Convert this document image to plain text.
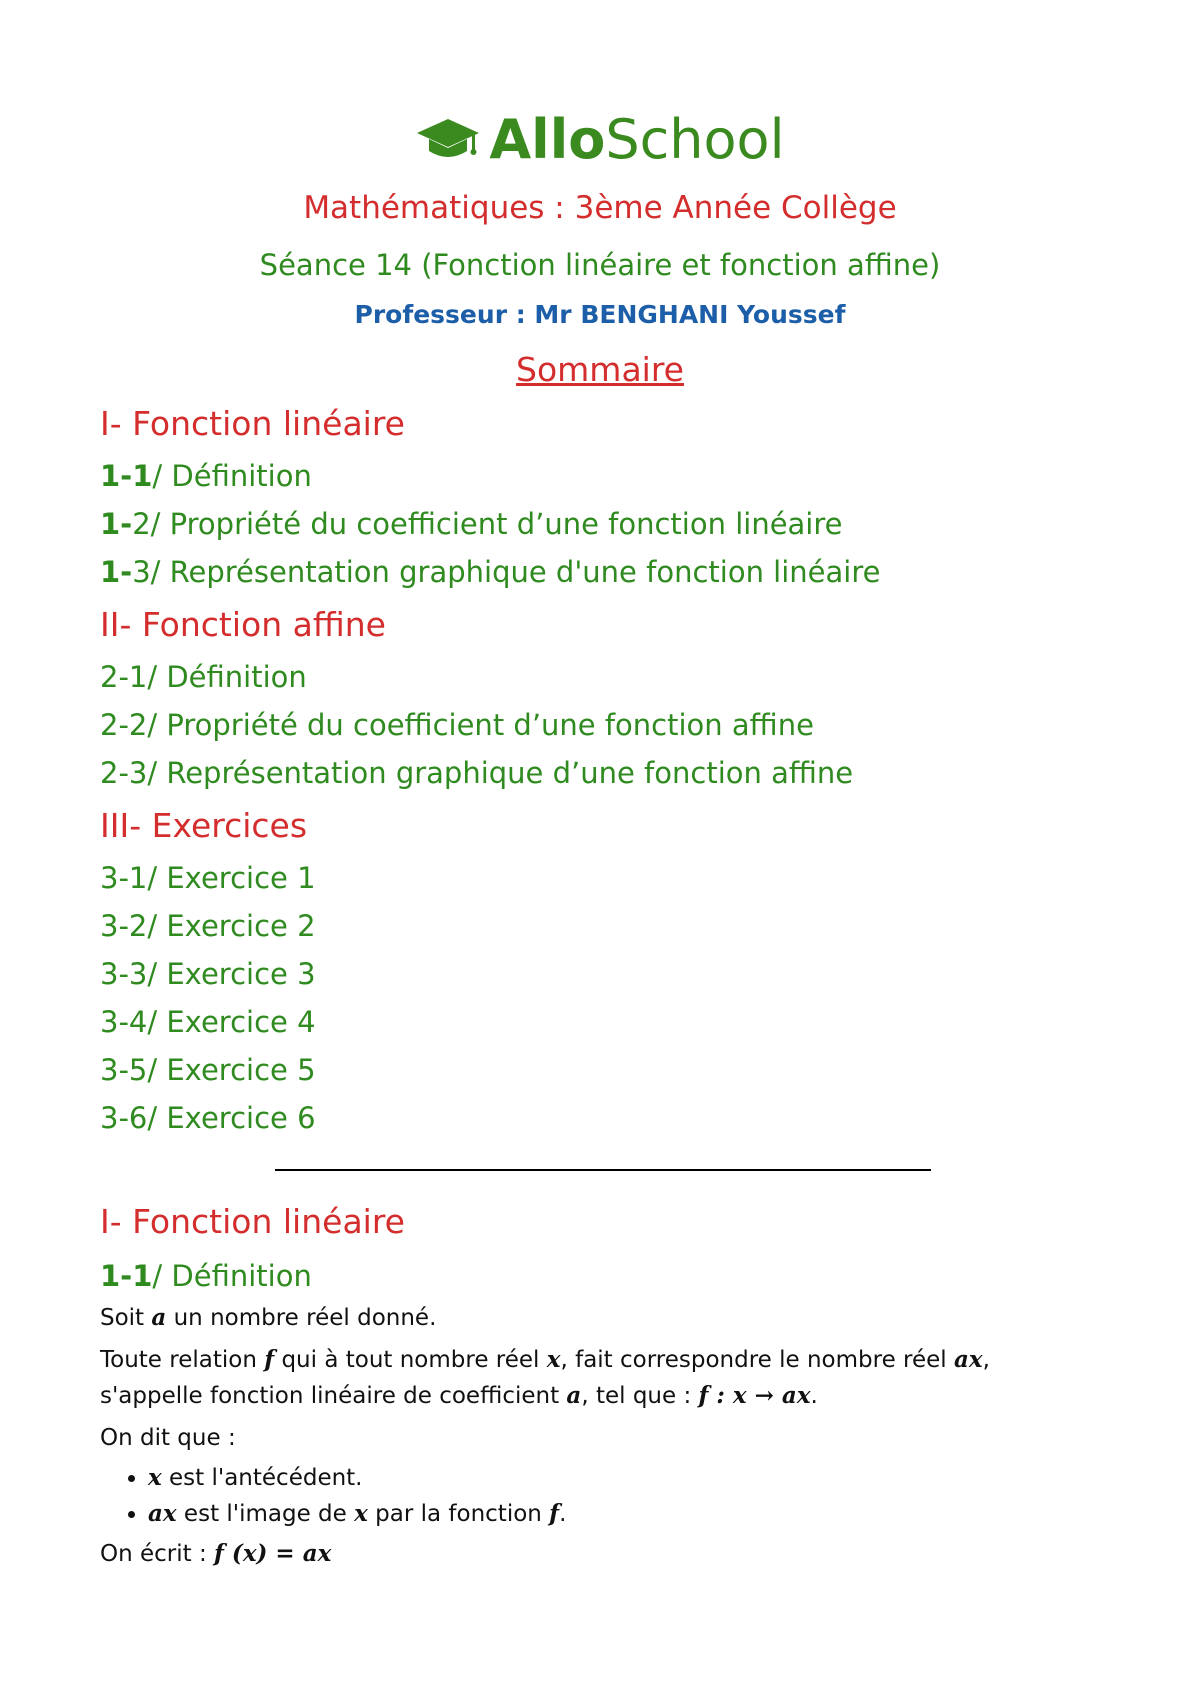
AlloSchool
Mathématiques : 3ème Année Collège
Séance 14 (Fonction linéaire et fonction affine)
Professeur : Mr BENGHANI Youssef
Sommaire
I- Fonction linéaire
1-1/ Définition
1-2/ Propriété du coefficient d’une fonction linéaire
1-3/ Représentation graphique d'une fonction linéaire
II- Fonction affine
2-1/ Définition
2-2/ Propriété du coefficient d’une fonction affine
2-3/ Représentation graphique d’une fonction affine
III- Exercices
3-1/ Exercice 1
3-2/ Exercice 2
3-3/ Exercice 3
3-4/ Exercice 4
3-5/ Exercice 5
3-6/ Exercice 6
I- Fonction linéaire
1-1/ Définition

Soit a un nombre réel donné.

Toute relation f qui à tout nombre réel x, fait correspondre le nombre réel ax,
s'appelle fonction linéaire de coefficient a, tel que : f : x → ax.

On dit que :

• x est l'antécédent.
• ax est l'image de x par la fonction f.

On écrit : f (x) = ax
